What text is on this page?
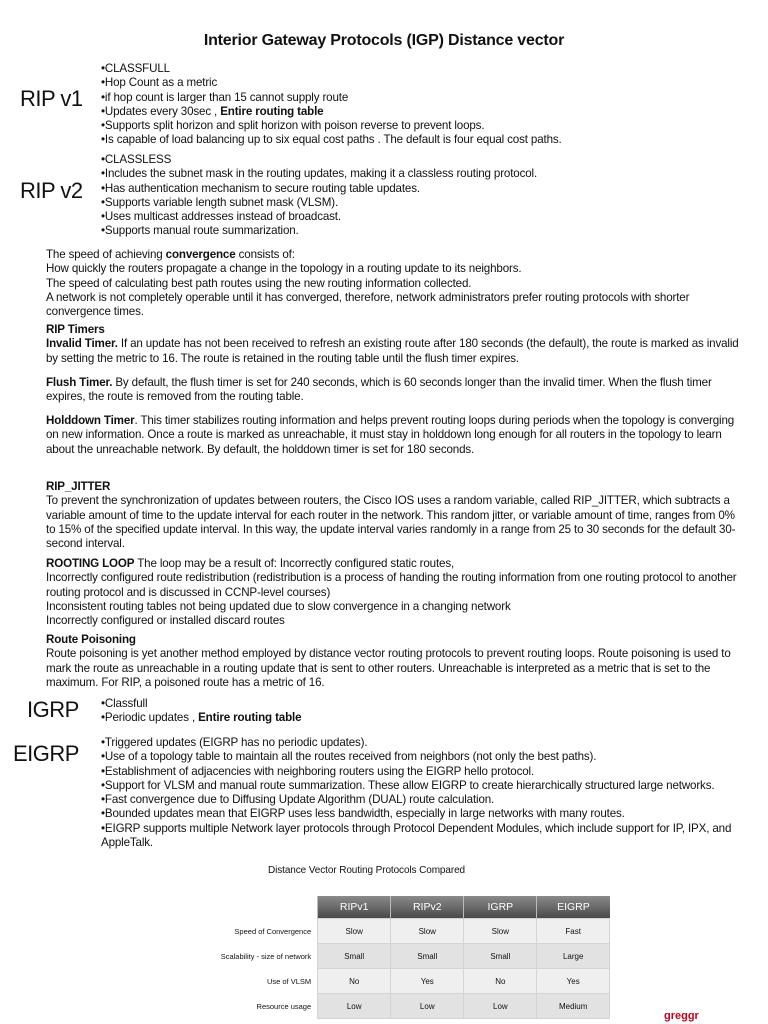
Interior Gateway Protocols (IGP) Distance vector
RIP v1
•CLASSFULL
•Hop Count as a metric
•if hop count is larger than 15 cannot supply route
•Updates every 30sec , Entire routing table
•Supports split horizon and split horizon with poison reverse to prevent loops.
•Is capable of load balancing up to six equal cost paths . The default is four equal cost paths.
RIP v2
•CLASSLESS
•Includes the subnet mask in the routing updates, making it a classless routing protocol.
•Has authentication mechanism to secure routing table updates.
•Supports variable length subnet mask (VLSM).
•Uses multicast addresses instead of broadcast.
•Supports manual route summarization.

The speed of achieving convergence consists of:

How quickly the routers propagate a change in the topology in a routing update to its neighbors.

The speed of calculating best path routes using the new routing information collected.

A network is not completely operable until it has converged, therefore, network administrators prefer routing protocols with shorter convergence times.

RIP Timers

Invalid Timer. If an update has not been received to refresh an existing route after 180 seconds (the default), the route is marked as invalid by setting the metric to 16. The route is retained in the routing table until the flush timer expires.

Flush Timer. By default, the flush timer is set for 240 seconds, which is 60 seconds longer than the invalid timer. When the flush timer expires, the route is removed from the routing table.

Holddown Timer. This timer stabilizes routing information and helps prevent routing loops during periods when the topology is converging on new information. Once a route is marked as unreachable, it must stay in holddown long enough for all routers in the topology to learn about the unreachable network. By default, the holddown timer is set for 180 seconds.

RIP_JITTER

To prevent the synchronization of updates between routers, the Cisco IOS uses a random variable, called RIP_JITTER, which subtracts a variable amount of time to the update interval for each router in the network. This random jitter, or variable amount of time, ranges from 0% to 15% of the specified update interval. In this way, the update interval varies randomly in a range from 25 to 30 seconds for the default 30-second interval.

ROOTING LOOP The loop may be a result of: Incorrectly configured static routes,

Incorrectly configured route redistribution (redistribution is a process of handing the routing information from one routing protocol to another routing protocol and is discussed in CCNP-level courses)

Inconsistent routing tables not being updated due to slow convergence in a changing network

Incorrectly configured or installed discard routes

Route Poisoning

Route poisoning is yet another method employed by distance vector routing protocols to prevent routing loops. Route poisoning is used to mark the route as unreachable in a routing update that is sent to other routers. Unreachable is interpreted as a metric that is set to the maximum. For RIP, a poisoned route has a metric of 16.

IGRP •Classfull
•Periodic updates , Entire routing table
EIGRP •Triggered updates (EIGRP has no periodic updates).
•Use of a topology table to maintain all the routes received from neighbors (not only the best paths).
•Establishment of adjacencies with neighboring routers using the EIGRP hello protocol.
•Support for VLSM and manual route summarization. These allow EIGRP to create hierarchically structured large networks.
•Fast convergence due to Diffusing Update Algorithm (DUAL) route calculation.
•Bounded updates mean that EIGRP uses less bandwidth, especially in large networks with many routes.
•EIGRP supports multiple Network layer protocols through Protocol Dependent Modules, which include support for IP, IPX, and AppleTalk.
Distance Vector Routing Protocols Compared
	RIPv1	RIPv2	IGRP	EIGRP
Speed of Convergence	Slow	Slow	Slow	Fast
Scalability - size of network	Small	Small	Small	Large
Use of VLSM	No	Yes	No	Yes
Resource usage	Low	Low	Low	Medium
greggr
